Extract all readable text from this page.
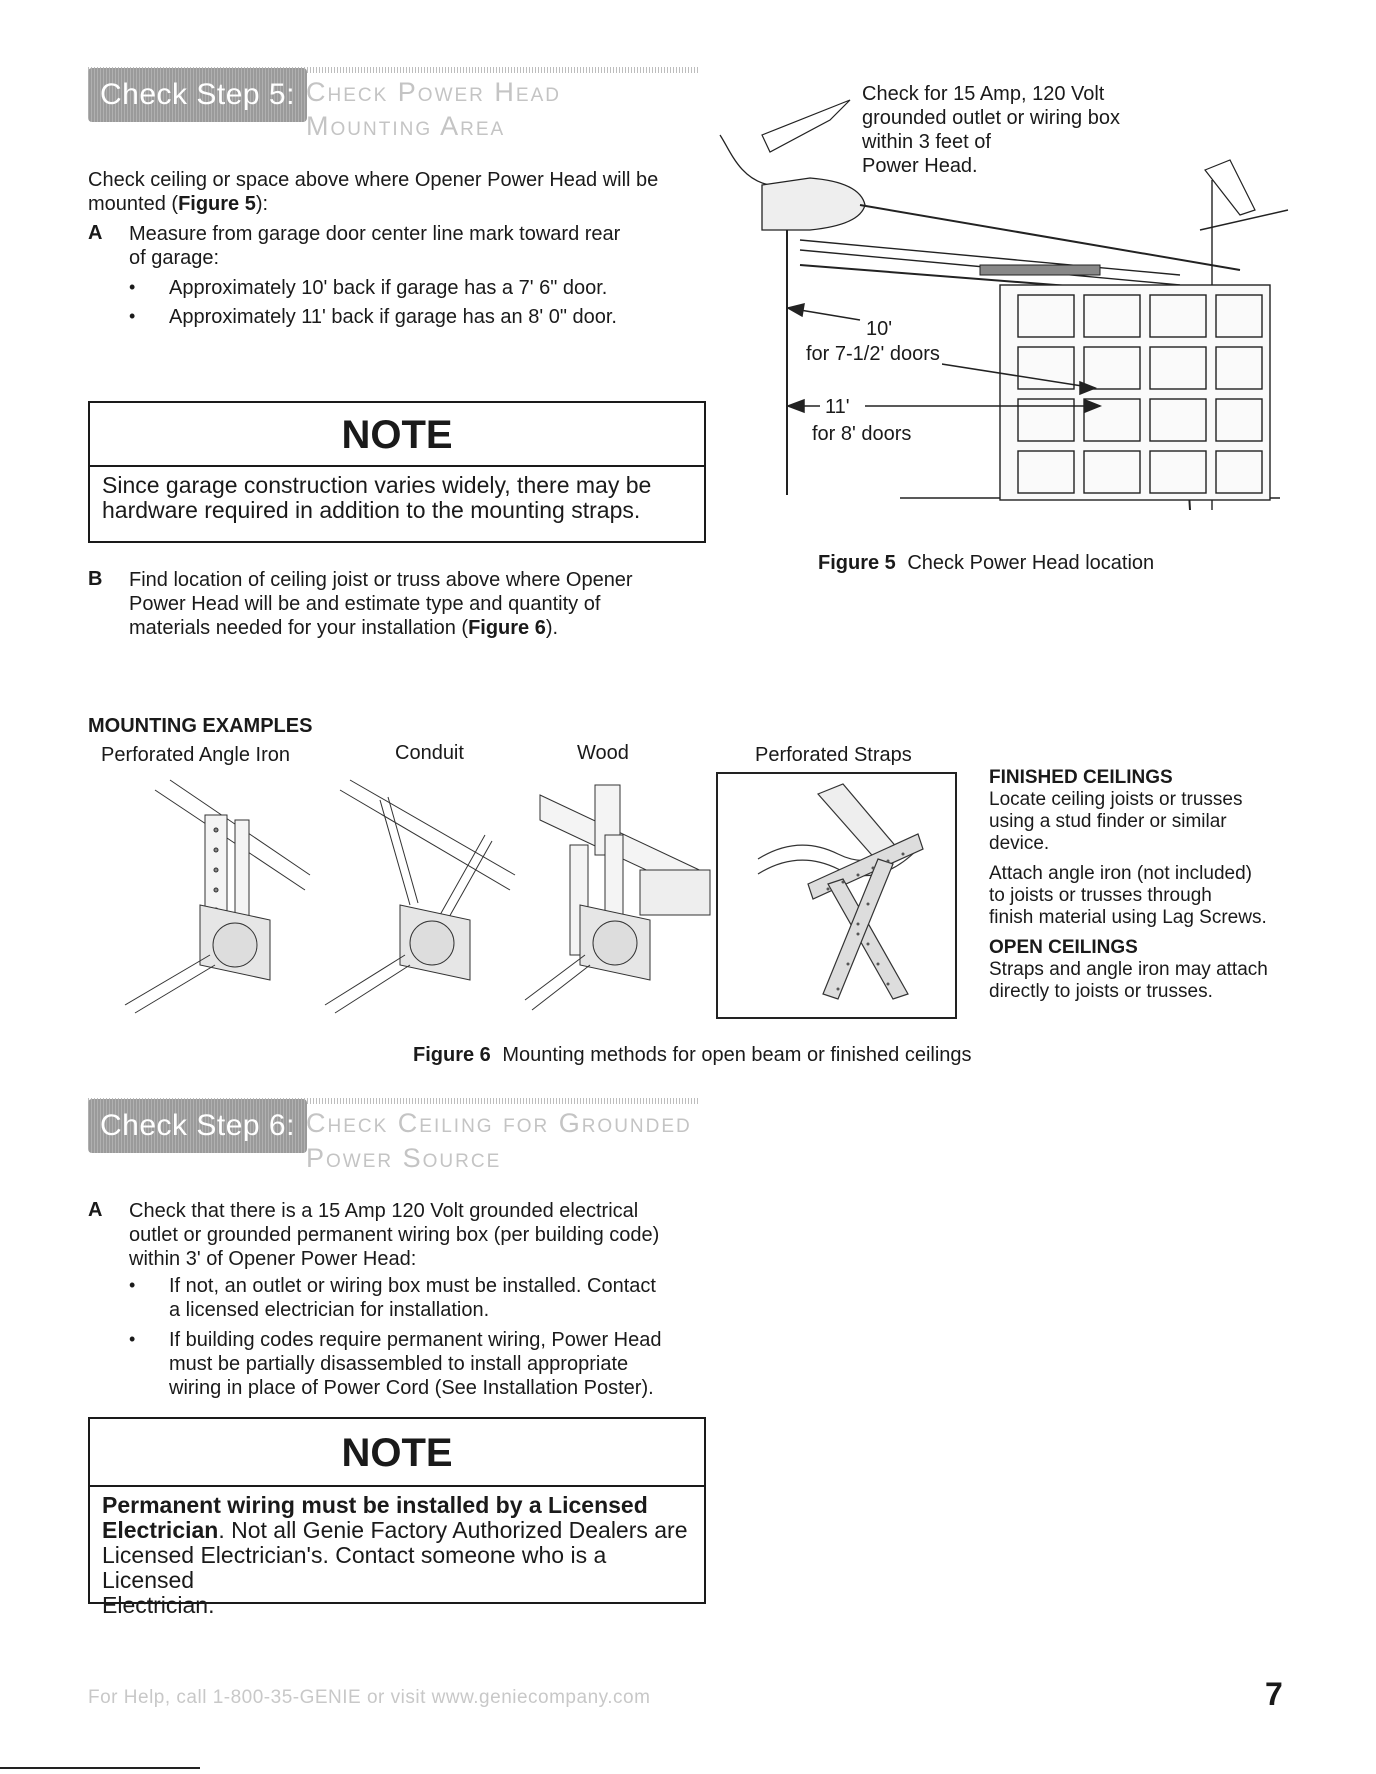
Check Step 5: Check Power Head
Mounting Area
Check ceiling or space above where Opener Power Head will be
mounted (Figure 5):
A Measure from garage door center line mark toward rear
of garage:
• Approximately 10' back if garage has a 7' 6" door.
• Approximately 11' back if garage has an 8' 0" door.
NOTE
Since garage construction varies widely, there may be
hardware required in addition to the mounting straps.
B Find location of ceiling joist or truss above where Opener
Power Head will be and estimate type and quantity of
materials needed for your installation (Figure 6).
Check for 15 Amp, 120 Volt
grounded outlet or wiring box
within 3 feet of
Power Head.
10'
for 7-1/2' doors
11'
for 8' doors
Figure 5 Check Power Head location
MOUNTING EXAMPLES
Perforated Angle Iron	Conduit	Wood	Perforated Straps
FINISHED CEILINGS
Locate ceiling joists or trusses
using a stud finder or similar
device.
Attach angle iron (not included)
to joists or trusses through
finish material using Lag Screws.
OPEN CEILINGS
Straps and angle iron may attach
directly to joists or trusses.
Figure 6 Mounting methods for open beam or finished ceilings
Check Step 6: Check Ceiling for Grounded
Power Source
A Check that there is a 15 Amp 120 Volt grounded electrical
outlet or grounded permanent wiring box (per building code)
within 3' of Opener Power Head:
• If not, an outlet or wiring box must be installed. Contact
a licensed electrician for installation.
• If building codes require permanent wiring, Power Head
must be partially disassembled to install appropriate
wiring in place of Power Cord (See Installation Poster).
NOTE
Permanent wiring must be installed by a Licensed
Electrician. Not all Genie Factory Authorized Dealers are
Licensed Electrician's. Contact someone who is a Licensed
Electrician.
For Help, call 1-800-35-GENIE or visit www.geniecompany.com	7
